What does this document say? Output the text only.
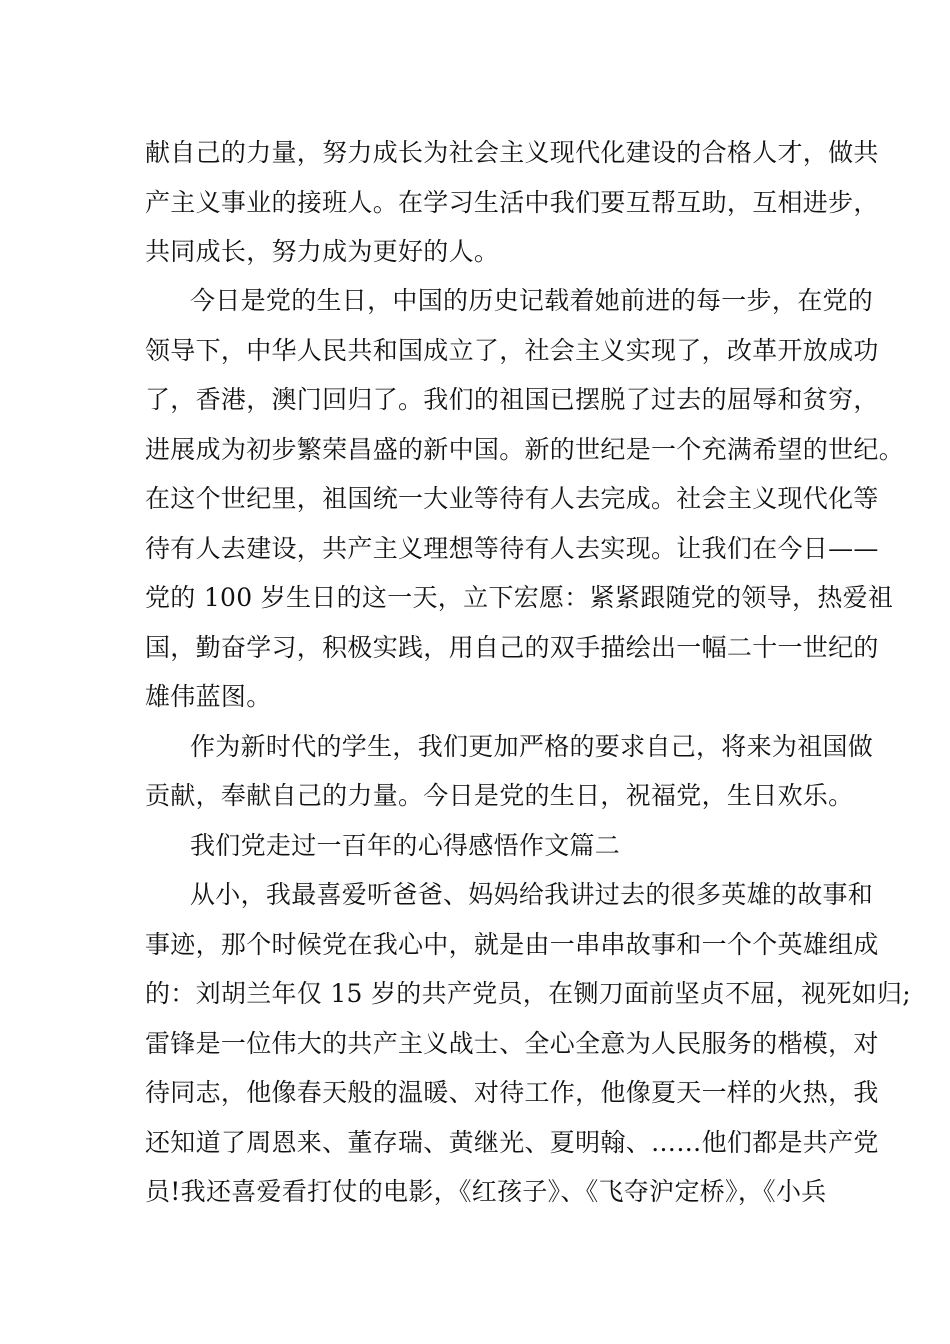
献自己的力量，努力成长为社会主义现代化建设的合格人才，做共
产主义事业的接班人。在学习生活中我们要互帮互助，互相进步，
共同成长，努力成为更好的人。
今日是党的生日，中国的历史记载着她前进的每一步，在党的
领导下，中华人民共和国成立了，社会主义实现了，改革开放成功
了，香港，澳门回归了。我们的祖国已摆脱了过去的屈辱和贫穷，
进展成为初步繁荣昌盛的新中国。新的世纪是一个充满希望的世纪。
在这个世纪里，祖国统一大业等待有人去完成。社会主义现代化等
待有人去建设，共产主义理想等待有人去实现。让我们在今日——
党的 100 岁生日的这一天，立下宏愿：紧紧跟随党的领导，热爱祖
国，勤奋学习，积极实践，用自己的双手描绘出一幅二十一世纪的
雄伟蓝图。
作为新时代的学生，我们更加严格的要求自己，将来为祖国做
贡献，奉献自己的力量。今日是党的生日，祝福党，生日欢乐。
我们党走过一百年的心得感悟作文篇二
从小，我最喜爱听爸爸、妈妈给我讲过去的很多英雄的故事和
事迹，那个时候党在我心中，就是由一串串故事和一个个英雄组成
的：刘胡兰年仅 15 岁的共产党员，在铡刀面前坚贞不屈，视死如归;
雷锋是一位伟大的共产主义战士、全心全意为人民服务的楷模，对
待同志，他像春天般的温暖、对待工作，他像夏天一样的火热，我
还知道了周恩来、董存瑞、黄继光、夏明翰、……他们都是共产党
员!我还喜爱看打仗的电影，《红孩子》、《飞夺沪定桥》，《小兵
